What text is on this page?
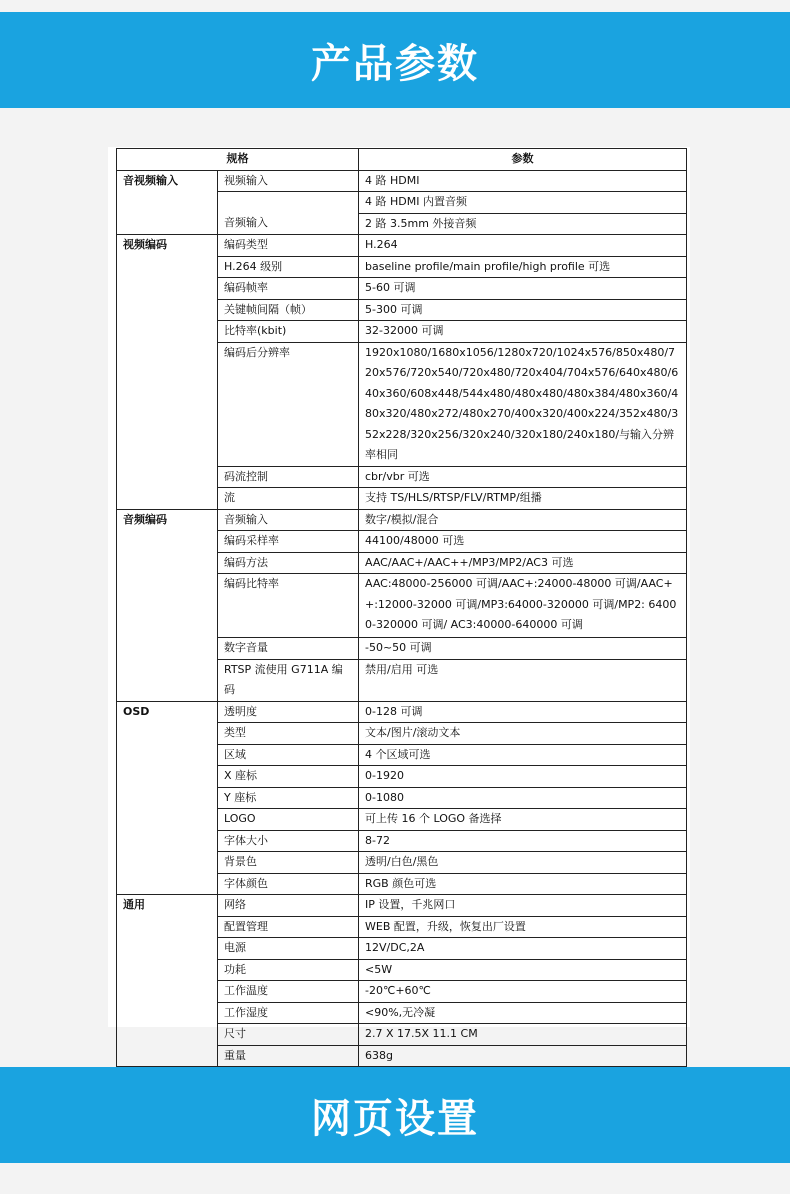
产品参数
规格		参数
音视频输入	视频输入	4 路 HDMI
		4 路 HDMI 内置音频
	音频输入	2 路 3.5mm 外接音频
视频编码	编码类型	H.264
	H.264 级别	baseline profile/main profile/high profile 可选
	编码帧率	5-60 可调
	关键帧间隔（帧）	5-300 可调
	比特率(kbit)	32-32000 可调
	编码后分辨率	1920x1080/1680x1056/1280x720/1024x576/850x480/720x576/720x540/720x480/720x404/704x576/640x480/640x360/608x448/544x480/480x480/480x384/480x360/480x320/480x272/480x270/400x320/400x224/352x480/352x228/320x256/320x240/320x180/240x180/与输入分辨率相同
	码流控制	cbr/vbr 可选
	流	支持 TS/HLS/RTSP/FLV/RTMP/组播
音频编码	音频输入	数字/模拟/混合
	编码采样率	44100/48000 可选
	编码方法	AAC/AAC+/AAC++/MP3/MP2/AC3 可选
	编码比特率	AAC:48000-256000 可调/AAC+:24000-48000 可调/AAC++:12000-32000 可调/MP3:64000-320000 可调/MP2: 64000-320000 可调/ AC3:40000-640000 可调
	数字音量	-50~50 可调
	RTSP 流使用 G711A 编码	禁用/启用 可选
OSD	透明度	0-128 可调
	类型	文本/图片/滚动文本
	区域	4 个区域可选
	X 座标	0-1920
	Y 座标	0-1080
	LOGO	可上传 16 个 LOGO 备选择
	字体大小	8-72
	背景色	透明/白色/黑色
	字体颜色	RGB 颜色可选
通用	网络	IP 设置，千兆网口
	配置管理	WEB 配置，升级，恢复出厂设置
	电源	12V/DC,2A
	功耗	<5W
	工作温度	-20℃+60℃
	工作湿度	<90%,无冷凝
	尺寸	2.7 X 17.5X 11.1 CM
	重量	638g
网页设置
